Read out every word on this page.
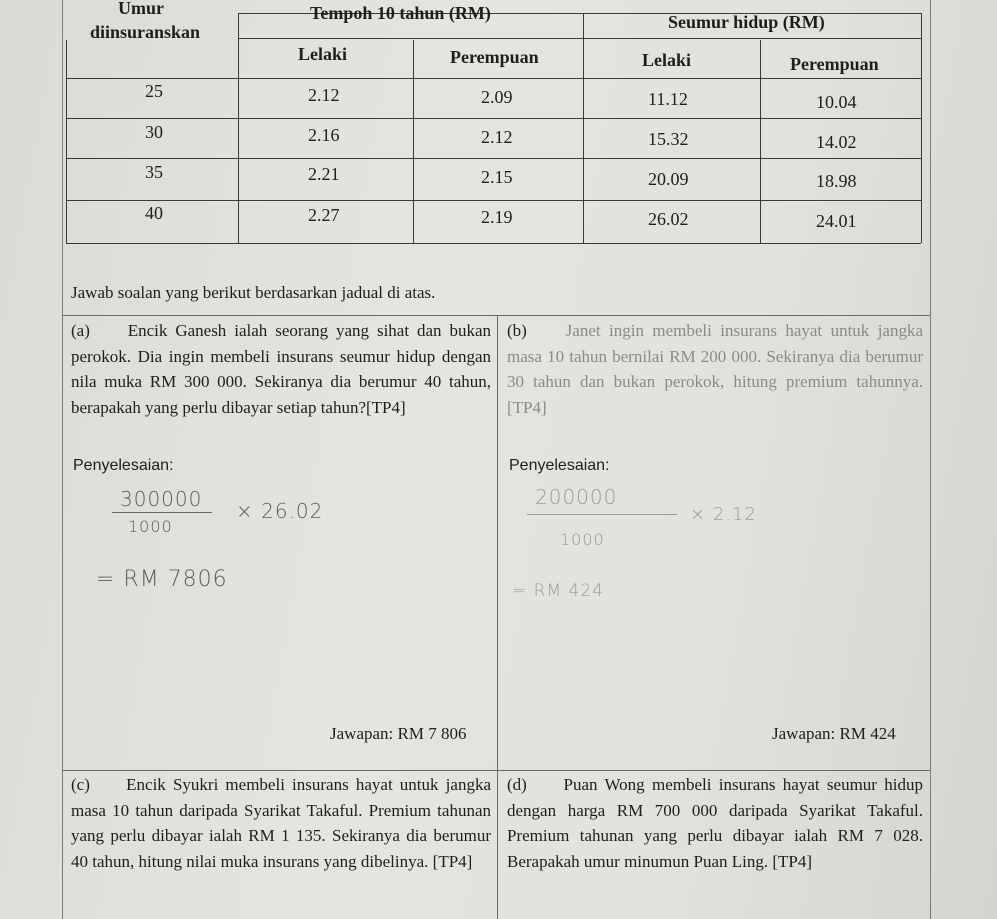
Umur
diinsuranskan
Tempoh 10 tahun (RM)	Seumur hidup (RM)
Lelaki	Perempuan	Lelaki	Perempuan
25	2.12	2.09	11.12	10.04
30	2.16	2.12	15.32	14.02
35	2.21	2.15	20.09	18.98
40	2.27	2.19	26.02	24.01
Jawab soalan yang berikut berdasarkan jadual di atas.
(a) Encik Ganesh ialah seorang yang sihat dan bukan perokok. Dia ingin membeli insurans seumur hidup dengan nila muka RM 300 000. Sekiranya dia berumur 40 tahun, berapakah yang perlu dibayar setiap tahun?[TP4]
Penyelesaian:
300000
1000
× 26.02
= RM 7806
Jawapan: RM 7 806
(b) Janet ingin membeli insurans hayat untuk jangka masa 10 tahun bernilai RM 200 000. Sekiranya dia berumur 30 tahun dan bukan perokok, hitung premium tahunnya. [TP4]
Penyelesaian:
200000
1000
× 2.12
= RM 424
Jawapan: RM 424
(c) Encik Syukri membeli insurans hayat untuk jangka masa 10 tahun daripada Syarikat Takaful. Premium tahunan yang perlu dibayar ialah RM 1 135. Sekiranya dia berumur 40 tahun, hitung nilai muka insurans yang dibelinya. [TP4]
(d) Puan Wong membeli insurans hayat seumur hidup dengan harga RM 700 000 daripada Syarikat Takaful. Premium tahunan yang perlu dibayar ialah RM 7 028. Berapakah umur minumun Puan Ling. [TP4]
